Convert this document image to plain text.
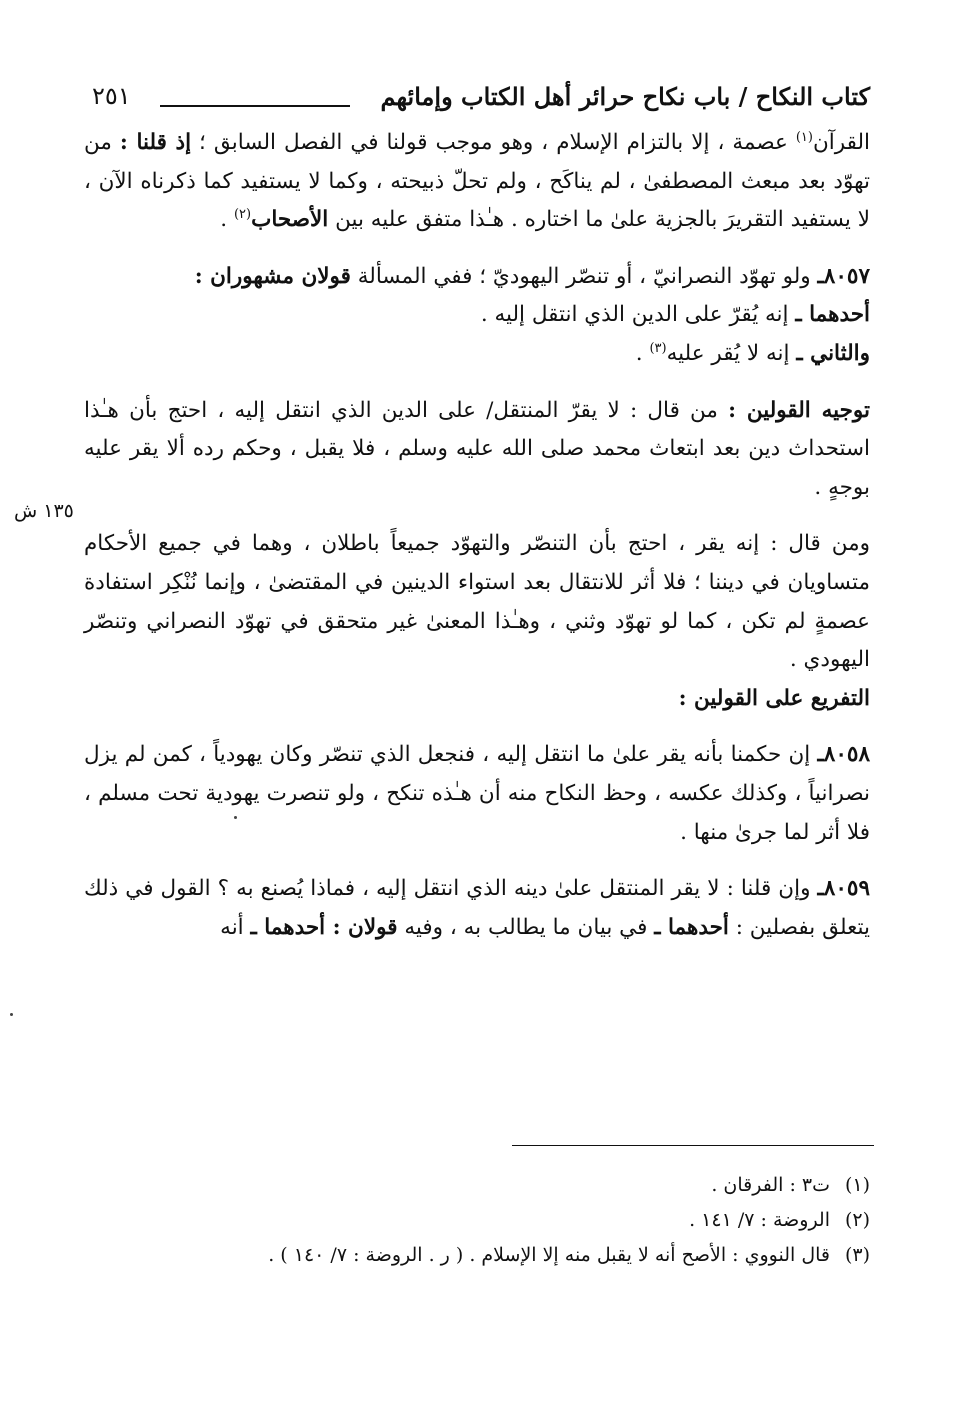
كتاب النكاح / باب نكاح حرائر أهل الكتاب وإمائهم
٢٥١
١٣٥ ش

القرآن$^{(١)}$ عصمة ، إلا بالتزام الإسلام ، وهو موجب قولنا في الفصل السابق ؛ إذ قلنا : من تهوّد بعد مبعث المصطفىٰ ، لم يناكَح ، ولم تحلّ ذبيحته ، وكما لا يستفيد كما ذكرناه الآن ، لا يستفيد التقريرَ بالجزية علىٰ ما اختاره . هـٰذا متفق عليه بين الأصحاب$^{(٢)}$ .

٨٠٥٧ـ ولو تهوّد النصرانيّ ، أو تنصّر اليهوديّ ؛ ففي المسألة قولان مشهوران :

أحدهما ـ إنه يُقرّ على الدين الذي انتقل إليه .

والثاني ـ إنه لا يُقر عليه$^{(٣)}$ .

توجيه القولين : من قال : لا يقرّ المنتقل/ على الدين الذي انتقل إليه ، احتج بأن هـٰذا استحداث دين بعد ابتعاث محمد صلى الله عليه وسلم ، فلا يقبل ، وحكم رده ألا يقر عليه بوجهٍ .

ومن قال : إنه يقر ، احتج بأن التنصّر والتهوّد جميعاً باطلان ، وهما في جميع الأحكام متساويان في ديننا ؛ فلا أثر للانتقال بعد استواء الدينين في المقتضىٰ ، وإنما نُنْكِر استفادة عصمةٍ لم تكن ، كما لو تهوّد وثني ، وهـٰذا المعنىٰ غير متحقق في تهوّد النصراني وتنصّر اليهودي .

التفريع على القولين :

٨٠٥٨ـ إن حكمنا بأنه يقر علىٰ ما انتقل إليه ، فنجعل الذي تنصّر وكان يهودياً ، كمن لم يزل نصرانياً ، وكذلك عكسه ، وحظ النكاح منه أن هـٰذه تنكح ، ولو تنصرت يهودية تحت مسلم ، فلا أثر لما جرىٰ منها .

٨٠٥٩ـ وإن قلنا : لا يقر المنتقل علىٰ دينه الذي انتقل إليه ، فماذا يُصنع به ؟ القول في ذلك يتعلق بفصلين : أحدهما ـ في بيان ما يطالب به ، وفيه قولان : أحدهما ـ أنه

(١)ت٣ : الفرقان .

(٢)الروضة : ٧/ ١٤١ .

(٣)قال النووي : الأصح أنه لا يقبل منه إلا الإسلام . ( ر . الروضة : ٧/ ١٤٠ ) .
